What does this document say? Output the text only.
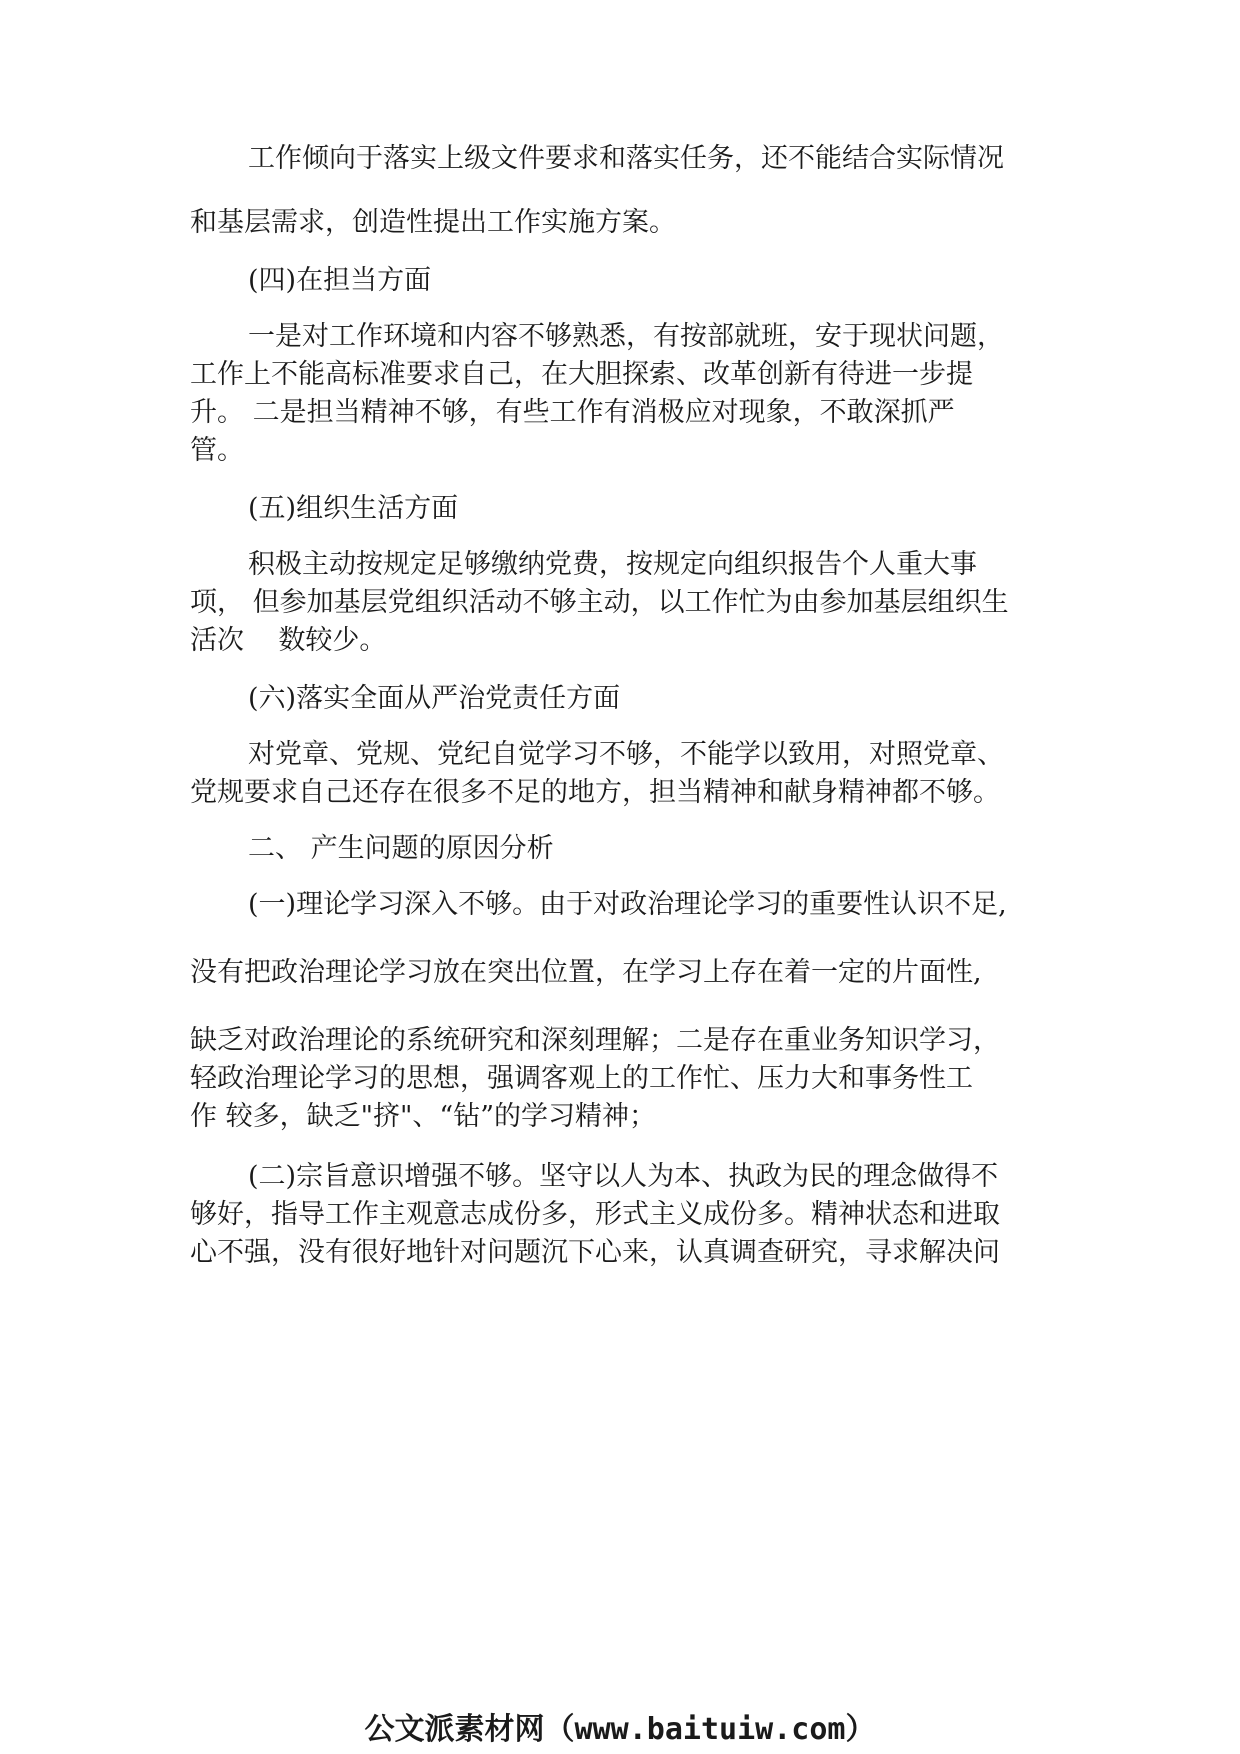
工作倾向于落实上级文件要求和落实任务，还不能结合实际情况

和基层需求，创造性提出工作实施方案。

(四)在担当方面

一是对工作环境和内容不够熟悉，有按部就班，安于现状问题，

工作上不能高标准要求自己，在大胆探索、改革创新有待进一步提

升。 二是担当精神不够，有些工作有消极应对现象，不敢深抓严

管。

(五)组织生活方面

积极主动按规定足够缴纳党费，按规定向组织报告个人重大事

项， 但参加基层党组织活动不够主动，以工作忙为由参加基层组织生

活次    数较少。

(六)落实全面从严治党责任方面

对党章、党规、党纪自觉学习不够，不能学以致用，对照党章、

党规要求自己还存在很多不足的地方，担当精神和献身精神都不够。

二、 产生问题的原因分析

(一)理论学习深入不够。由于对政治理论学习的重要性认识不足,

没有把政治理论学习放在突出位置，在学习上存在着一定的片面性,

缺乏对政治理论的系统研究和深刻理解；二是存在重业务知识学习，

轻政治理论学习的思想，强调客观上的工作忙、压力大和事务性工

作 较多，缺乏"挤"、“钻”的学习精神；

(二)宗旨意识增强不够。坚守以人为本、执政为民的理念做得不

够好，指导工作主观意志成份多，形式主义成份多。精神状态和进取

心不强，没有很好地针对问题沉下心来，认真调查研究，寻求解决问

公文派素材网（www.baituiw.com）
